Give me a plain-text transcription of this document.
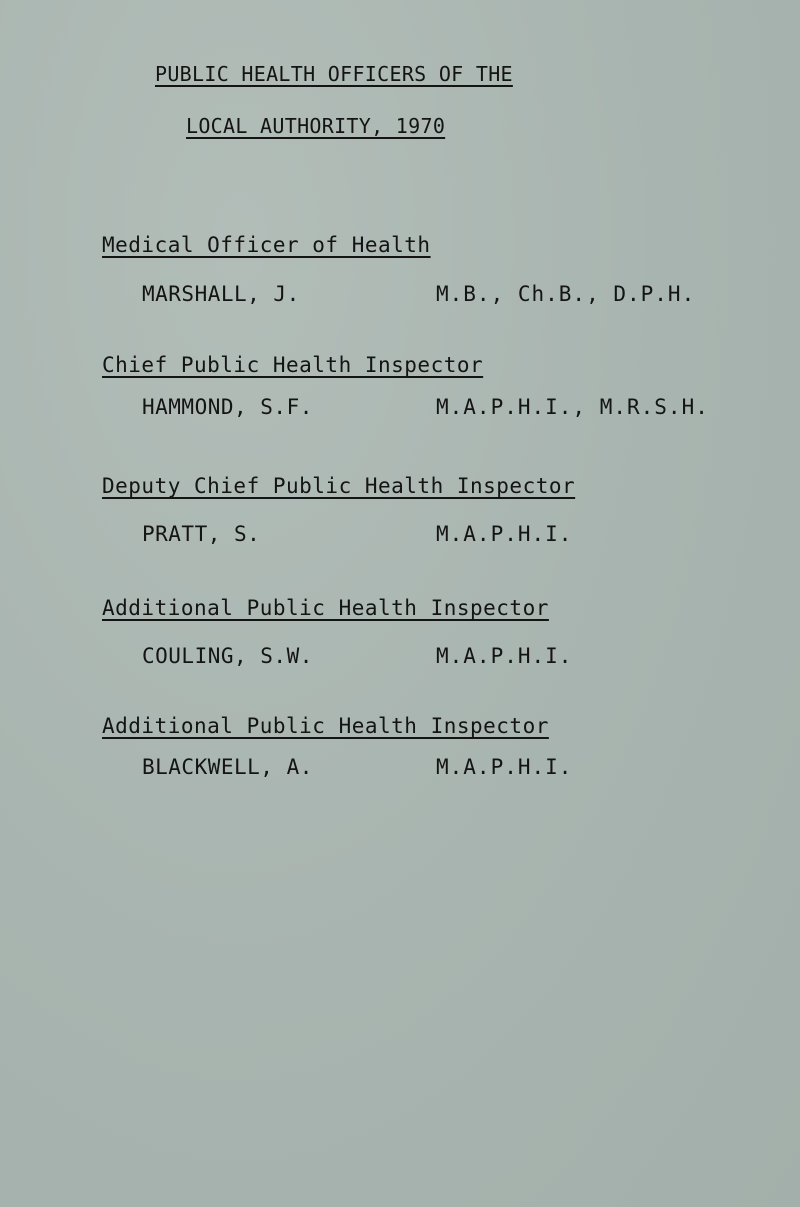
PUBLIC HEALTH OFFICERS OF THE
LOCAL AUTHORITY, 1970
Medical Officer of Health
MARSHALL, J.	M.B., Ch.B., D.P.H.
Chief Public Health Inspector
HAMMOND, S.F.	M.A.P.H.I., M.R.S.H.
Deputy Chief Public Health Inspector
PRATT, S.	M.A.P.H.I.
Additional Public Health Inspector
COULING, S.W.	M.A.P.H.I.
Additional Public Health Inspector
BLACKWELL, A.	M.A.P.H.I.
